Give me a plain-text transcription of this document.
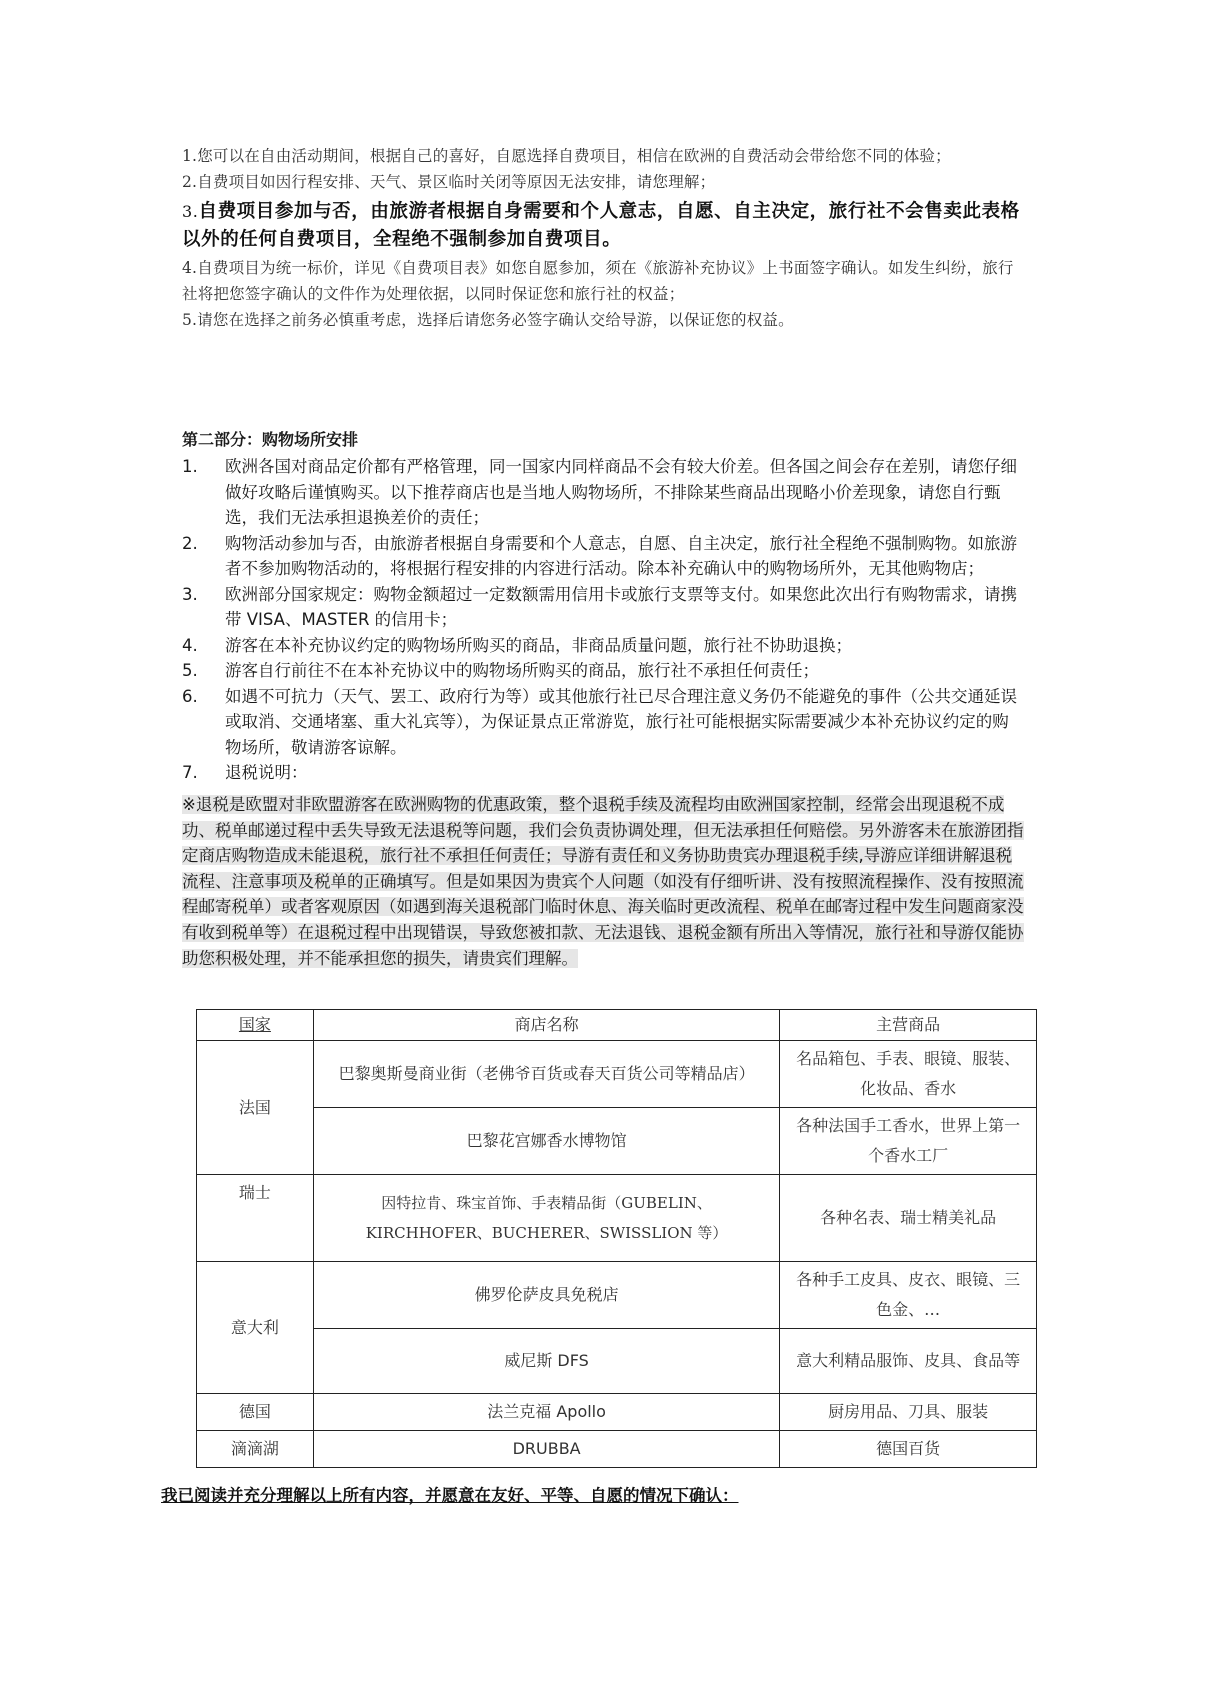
1.您可以在自由活动期间，根据自己的喜好，自愿选择自费项目，相信在欧洲的自费活动会带给您不同的体验；

2.自费项目如因行程安排、天气、景区临时关闭等原因无法安排，请您理解；

3.自费项目参加与否，由旅游者根据自身需要和个人意志，自愿、自主决定，旅行社不会售卖此表格以外的任何自费项目，全程绝不强制参加自费项目。

4.自费项目为统一标价，详见《自费项目表》如您自愿参加，须在《旅游补充协议》上书面签字确认。如发生纠纷，旅行社将把您签字确认的文件作为处理依据，以同时保证您和旅行社的权益；

5.请您在选择之前务必慎重考虑，选择后请您务必签字确认交给导游，以保证您的权益。

第二部分：购物场所安排

1.	欧洲各国对商品定价都有严格管理，同一国家内同样商品不会有较大价差。但各国之间会存在差别，请您仔细做好攻略后谨慎购买。以下推荐商店也是当地人购物场所，不排除某些商品出现略小价差现象，请您自行甄选，我们无法承担退换差价的责任；
2.	购物活动参加与否，由旅游者根据自身需要和个人意志，自愿、自主决定，旅行社全程绝不强制购物。如旅游者不参加购物活动的，将根据行程安排的内容进行活动。除本补充确认中的购物场所外，无其他购物店；
3.	欧洲部分国家规定：购物金额超过一定数额需用信用卡或旅行支票等支付。如果您此次出行有购物需求，请携带 VISA、MASTER 的信用卡；
4.	游客在本补充协议约定的购物场所购买的商品，非商品质量问题，旅行社不协助退换；
5.	游客自行前往不在本补充协议中的购物场所购买的商品，旅行社不承担任何责任；
6.	如遇不可抗力（天气、罢工、政府行为等）或其他旅行社已尽合理注意义务仍不能避免的事件（公共交通延误或取消、交通堵塞、重大礼宾等），为保证景点正常游览，旅行社可能根据实际需要减少本补充协议约定的购物场所，敬请游客谅解。
7.	退税说明：
※退税是欧盟对非欧盟游客在欧洲购物的优惠政策，整个退税手续及流程均由欧洲国家控制，经常会出现退税不成功、税单邮递过程中丢失导致无法退税等问题，我们会负责协调处理，但无法承担任何赔偿。另外游客未在旅游团指定商店购物造成未能退税，旅行社不承担任何责任；导游有责任和义务协助贵宾办理退税手续,导游应详细讲解退税流程、注意事项及税单的正确填写。但是如果因为贵宾个人问题（如没有仔细听讲、没有按照流程操作、没有按照流程邮寄税单）或者客观原因（如遇到海关退税部门临时休息、海关临时更改流程、税单在邮寄过程中发生问题商家没有收到税单等）在退税过程中出现错误，导致您被扣款、无法退钱、退税金额有所出入等情况，旅行社和导游仅能协助您积极处理，并不能承担您的损失，请贵宾们理解。
国家	商店名称	主营商品
法国	巴黎奥斯曼商业街（老佛爷百货或春天百货公司等精品店）	名品箱包、手表、眼镜、服装、化妆品、香水
	巴黎花宫娜香水博物馆	各种法国手工香水，世界上第一个香水工厂
瑞士	因特拉肯、珠宝首饰、手表精品街（GUBELIN、KIRCHHOFER、BUCHERER、SWISSLION 等）	各种名表、瑞士精美礼品
意大利	佛罗伦萨皮具免税店	各种手工皮具、皮衣、眼镜、三色金、…
	威尼斯 DFS	意大利精品服饰、皮具、食品等
德国	法兰克福 Apollo	厨房用品、刀具、服装
滴滴湖	DRUBBA	德国百货
我已阅读并充分理解以上所有内容，并愿意在友好、平等、自愿的情况下确认：
